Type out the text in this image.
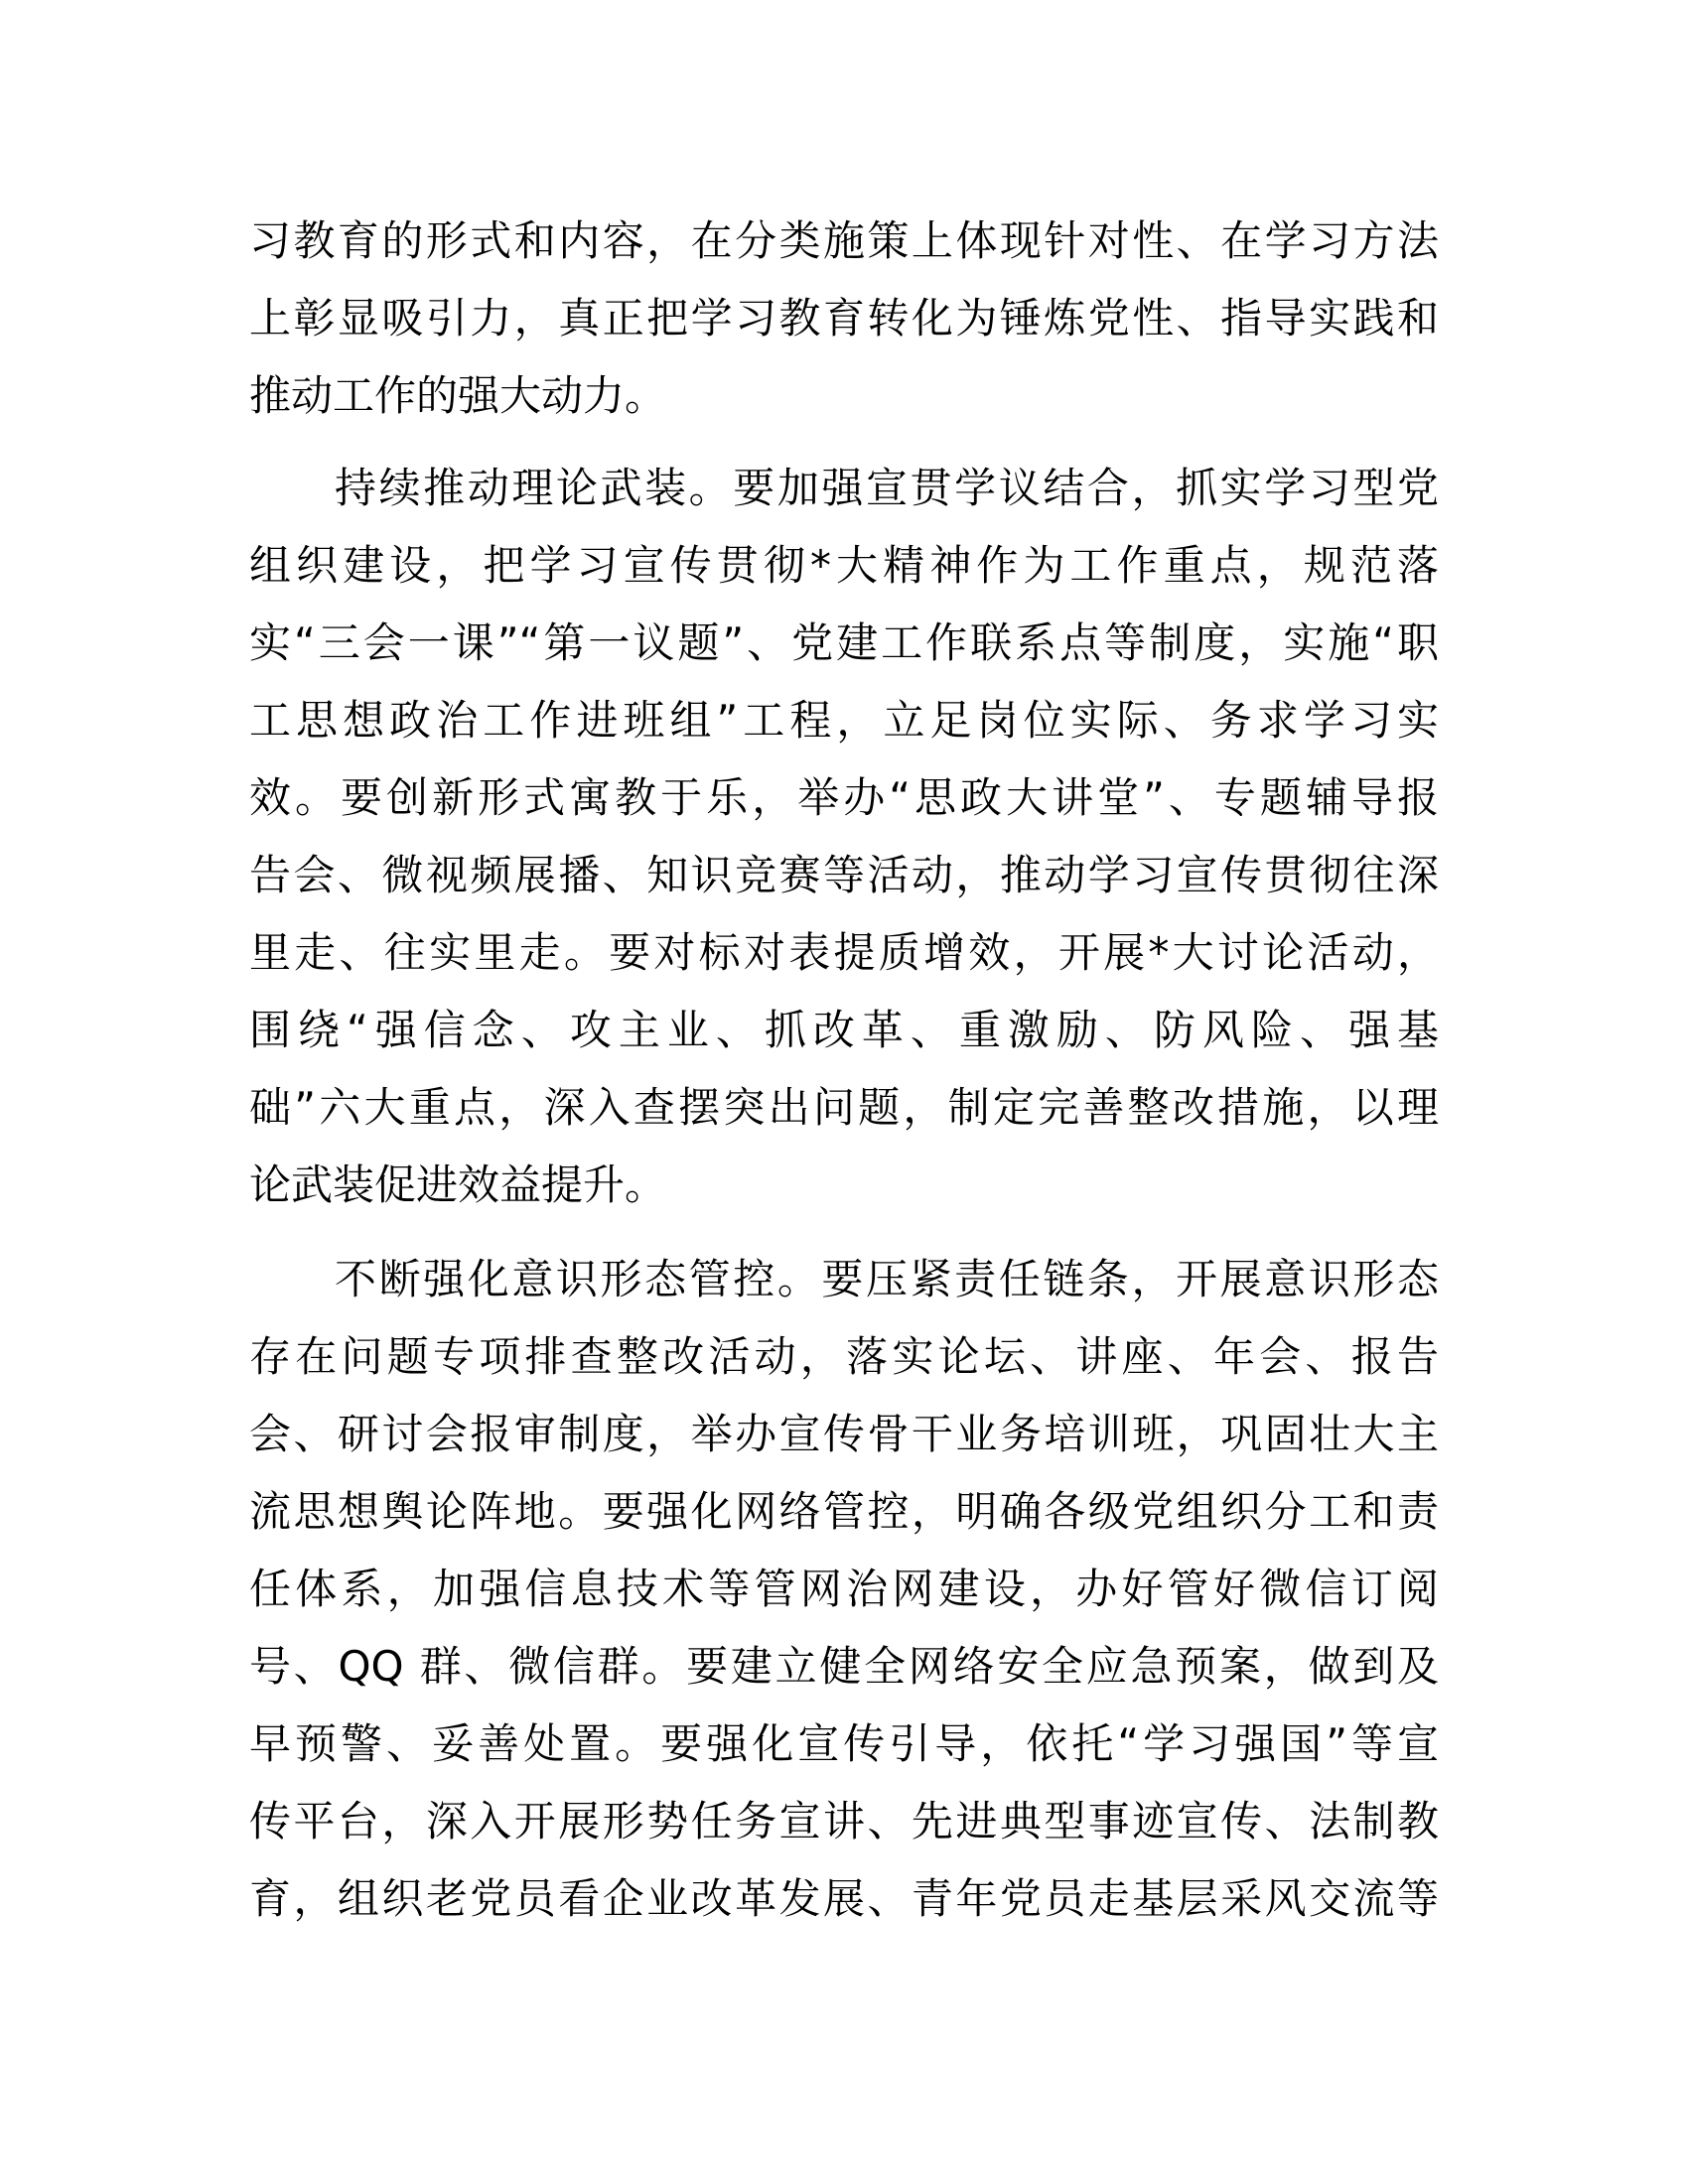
习教育的形式和内容，在分类施策上体现针对性、在学习方法
上彰显吸引力，真正把学习教育转化为锤炼党性、指导实践和
推动工作的强大动力。
持续推动理论武装。要加强宣贯学议结合，抓实学习型党
组织建设，把学习宣传贯彻*大精神作为工作重点，规范落
实“三会一课”“第一议题”、党建工作联系点等制度，实施“职
工思想政治工作进班组”工程，立足岗位实际、务求学习实
效。要创新形式寓教于乐，举办“思政大讲堂”、专题辅导报
告会、微视频展播、知识竞赛等活动，推动学习宣传贯彻往深
里走、往实里走。要对标对表提质增效，开展*大讨论活动，
围绕“强信念、攻主业、抓改革、重激励、防风险、强基
础”六大重点，深入查摆突出问题，制定完善整改措施，以理
论武装促进效益提升。
不断强化意识形态管控。要压紧责任链条，开展意识形态
存在问题专项排查整改活动，落实论坛、讲座、年会、报告
会、研讨会报审制度，举办宣传骨干业务培训班，巩固壮大主
流思想舆论阵地。要强化网络管控，明确各级党组织分工和责
任体系，加强信息技术等管网治网建设，办好管好微信订阅
号、QQ 群、微信群。要建立健全网络安全应急预案，做到及
早预警、妥善处置。要强化宣传引导，依托“学习强国”等宣
传平台，深入开展形势任务宣讲、先进典型事迹宣传、法制教
育，组织老党员看企业改革发展、青年党员走基层采风交流等
